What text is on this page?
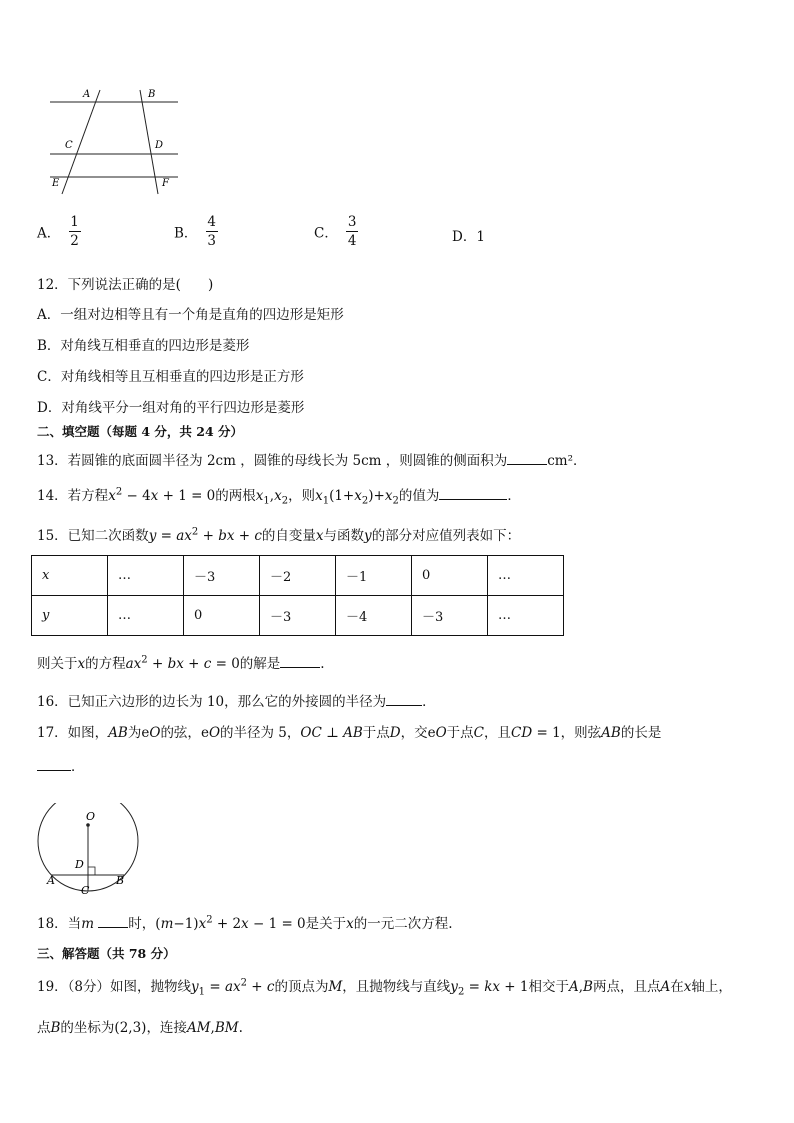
A	B
C	D
E	F
A． $\frac{1}{2}$	B． $\frac{4}{3}$	C． $\frac{3}{4}$	D．1
12．下列说法正确的是(　　)
A．一组对边相等且有一个角是直角的四边形是矩形
B．对角线互相垂直的四边形是菱形
C．对角线相等且互相垂直的四边形是正方形
D．对角线平分一组对角的平行四边形是菱形
二、填空题（每题 4 分，共 24 分）
13．若圆锥的底面圆半径为 2cm ，圆锥的母线长为 5cm ，则圆锥的侧面积为	cm²．
14．若方程$x^2 - 4x + 1 = 0$的两根$x_1,x_2$，则$x_1(1+x_2)+x_2$的值为	．
15．已知二次函数$y = ax^2$ + bx + c的自变量x与函数y的部分对应值列表如下：
x	…	－3	－2	－1	0	…
y	…	0	－3	－4	－3	…
则关于x的方程$ax^2$ + bx + c = 0的解是	.
16．已知正六边形的边长为 10，那么它的外接圆的半径为	．
17．如图，AB为eO的弦，eO的半径为 5，OC ⊥ AB于点D，交eO于点C，且CD = 1，则弦AB的长是
．
O
D
A	B
C
18．当m	时，$(m-1)x^2 + 2x - 1 = 0$是关于x的一元二次方程.
三、解答题（共 78 分）
19．（8分）如图，抛物线$y_1 = ax^2 + c$的顶点为M，且抛物线与直线$y_2$ = kx + 1相交于A,B两点，且点A在x轴上，
点B的坐标为(2,3)，连接AM,BM.
